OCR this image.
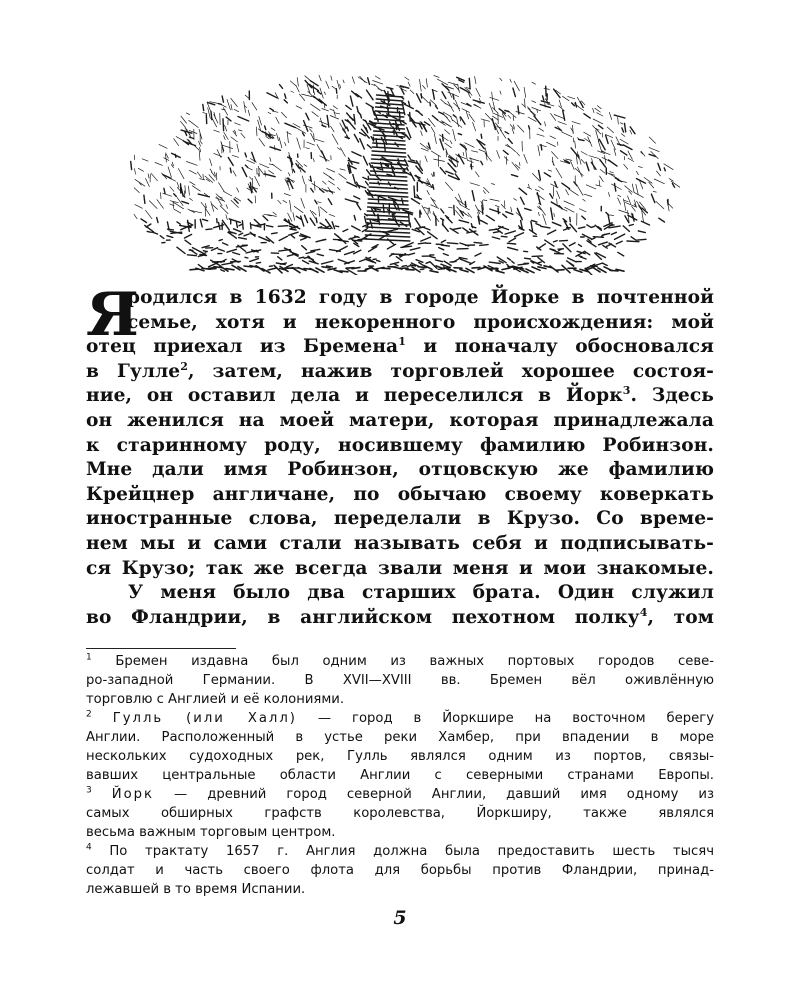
Я
родился в 1632 году в городе Йорке в почтенной
семье, хотя и некоренного происхождения: мой
отец приехал из Бремена$^1$ и поначалу обосновался
в Гулле$^2$, затем, нажив торговлей хорошее состоя-
ние, он оставил дела и переселился в Йорк$^3$. Здесь
он женился на моей матери, которая принадлежала
к старинному роду, носившему фамилию Робинзон.
Мне дали имя Робинзон, отцовскую же фамилию
Крейцнер англичане, по обычаю своему коверкать
иностранные слова, переделали в Крузо. Со време-
нем мы и сами стали называть себя и подписывать-
ся Крузо; так же всегда звали меня и мои знакомые.
У меня было два старших брата. Один служил
во Фландрии, в английском пехотном полку$^4$, том
$^1$ Бремен издавна был одним из важных портовых городов севе-
ро-западной Германии. В XVII—XVIII вв. Бремен вёл оживлённую
торговлю с Англией и её колониями.
$^2$ Гулль (или Халл) — город в Йоркшире на восточном берегу
Англии. Расположенный в устье реки Хамбер, при впадении в море
нескольких судоходных рек, Гулль являлся одним из портов, связы-
вавших центральные области Англии с северными странами Европы.
$^3$ Йорк — древний город северной Англии, давший имя одному из
самых обширных графств королевства, Йоркширу, также являлся
весьма важным торговым центром.
$^4$ По трактату 1657 г. Англия должна была предоставить шесть тысяч
солдат и часть своего флота для борьбы против Фландрии, принад-
лежавшей в то время Испании.
5
